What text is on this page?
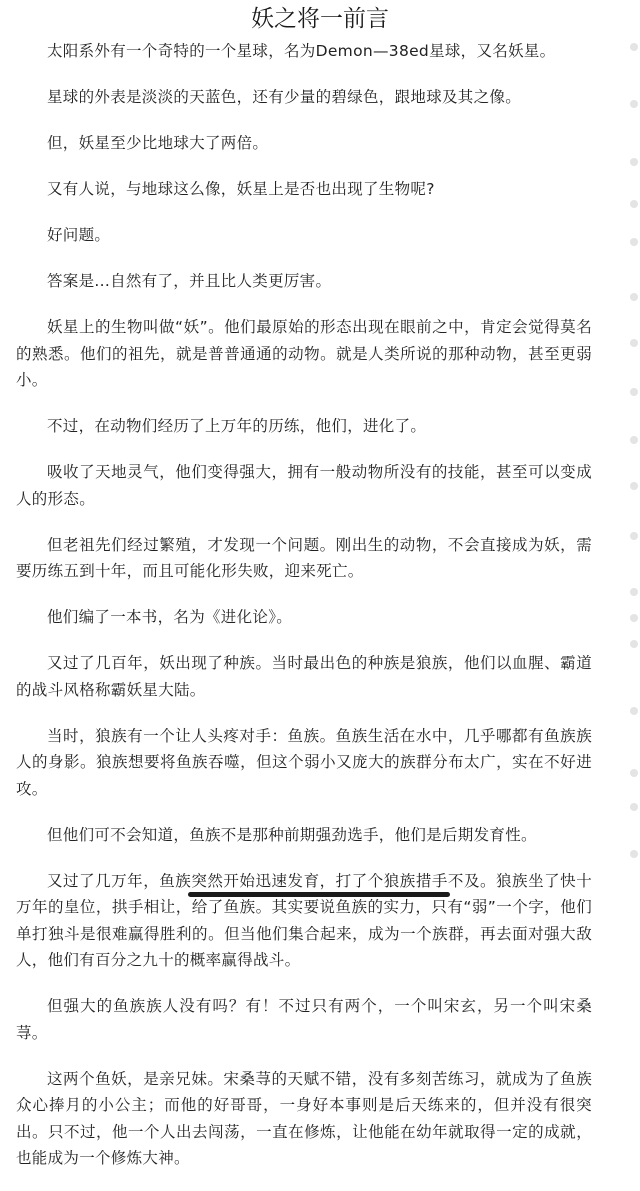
妖之将一前言

太阳系外有一个奇特的一个星球，名为Demon—38ed星球，又名妖星。

星球的外表是淡淡的天蓝色，还有少量的碧绿色，跟地球及其之像。

但，妖星至少比地球大了两倍。

又有人说，与地球这么像，妖星上是否也出现了生物呢?

好问题。

答案是...自然有了，并且比人类更厉害。

妖星上的生物叫做“妖”。他们最原始的形态出现在眼前之中，肯定会觉得莫名的熟悉。他们的祖先，就是普普通通的动物。就是人类所说的那种动物，甚至更弱小。

不过，在动物们经历了上万年的历练，他们，进化了。

吸收了天地灵气，他们变得强大，拥有一般动物所没有的技能，甚至可以变成人的形态。

但老祖先们经过繁殖，才发现一个问题。刚出生的动物，不会直接成为妖，需要历练五到十年，而且可能化形失败，迎来死亡。

他们编了一本书，名为《进化论》。

又过了几百年，妖出现了种族。当时最出色的种族是狼族，他们以血腥、霸道的战斗风格称霸妖星大陆。

当时，狼族有一个让人头疼对手：鱼族。鱼族生活在水中，几乎哪都有鱼族族人的身影。狼族想要将鱼族吞噬，但这个弱小又庞大的族群分布太广，实在不好进攻。

但他们可不会知道，鱼族不是那种前期强劲选手，他们是后期发育性。

又过了几万年，鱼族突然开始迅速发育，打了个狼族措手不及。狼族坐了快十万年的皇位，拱手相让，给了鱼族。其实要说鱼族的实力，只有“弱”一个字，他们单打独斗是很难赢得胜利的。但当他们集合起来，成为一个族群，再去面对强大敌人，他们有百分之九十的概率赢得战斗。

但强大的鱼族族人没有吗？有！不过只有两个，一个叫宋玄，另一个叫宋桑荨。

这两个鱼妖，是亲兄妹。宋桑荨的天赋不错，没有多刻苦练习，就成为了鱼族众心捧月的小公主；而他的好哥哥，一身好本事则是后天练来的，但并没有很突出。只不过，他一个人出去闯荡，一直在修炼，让他能在幼年就取得一定的成就，也能成为一个修炼大神。
